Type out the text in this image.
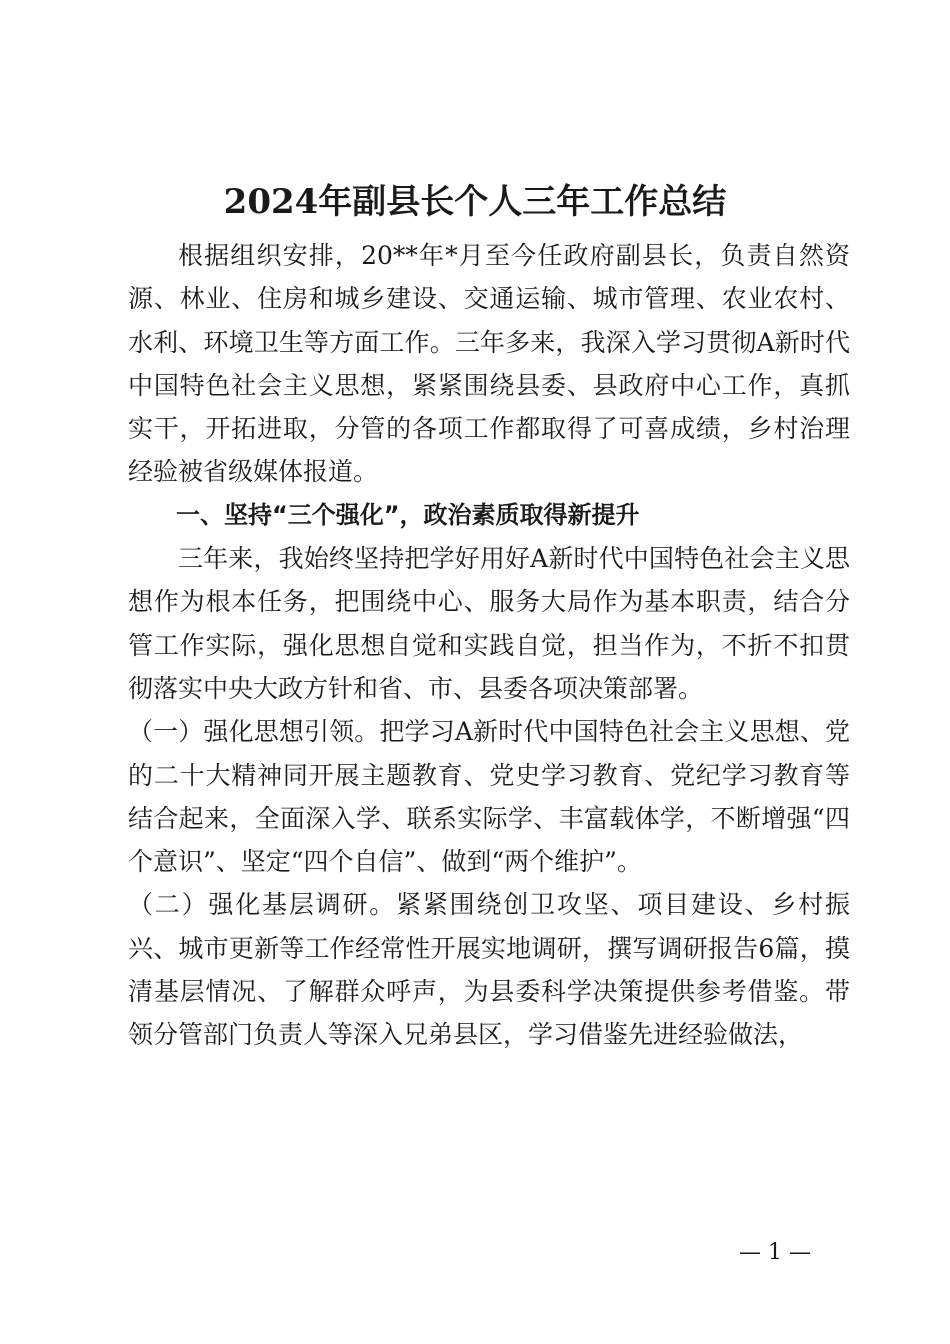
2024年副县长个人三年工作总结

根据组织安排，20**年*月至今任政府副县长，负责自然资源、林业、住房和城乡建设、交通运输、城市管理、农业农村、水利、环境卫生等方面工作。三年多来，我深入学习贯彻A新时代中国特色社会主义思想，紧紧围绕县委、县政府中心工作，真抓实干，开拓进取，分管的各项工作都取得了可喜成绩，乡村治理经验被省级媒体报道。

一、坚持“三个强化”，政治素质取得新提升

三年来，我始终坚持把学好用好A新时代中国特色社会主义思想作为根本任务，把围绕中心、服务大局作为基本职责，结合分管工作实际，强化思想自觉和实践自觉，担当作为，不折不扣贯彻落实中央大政方针和省、市、县委各项决策部署。

（一）强化思想引领。把学习A新时代中国特色社会主义思想、党的二十大精神同开展主题教育、党史学习教育、党纪学习教育等结合起来，全面深入学、联系实际学、丰富载体学，不断增强“四个意识”、坚定“四个自信”、做到“两个维护”。

（二）强化基层调研。紧紧围绕创卫攻坚、项目建设、乡村振兴、城市更新等工作经常性开展实地调研，撰写调研报告6篇，摸清基层情况、了解群众呼声，为县委科学决策提供参考借鉴。带领分管部门负责人等深入兄弟县区，学习借鉴先进经验做法，

— 1 —
